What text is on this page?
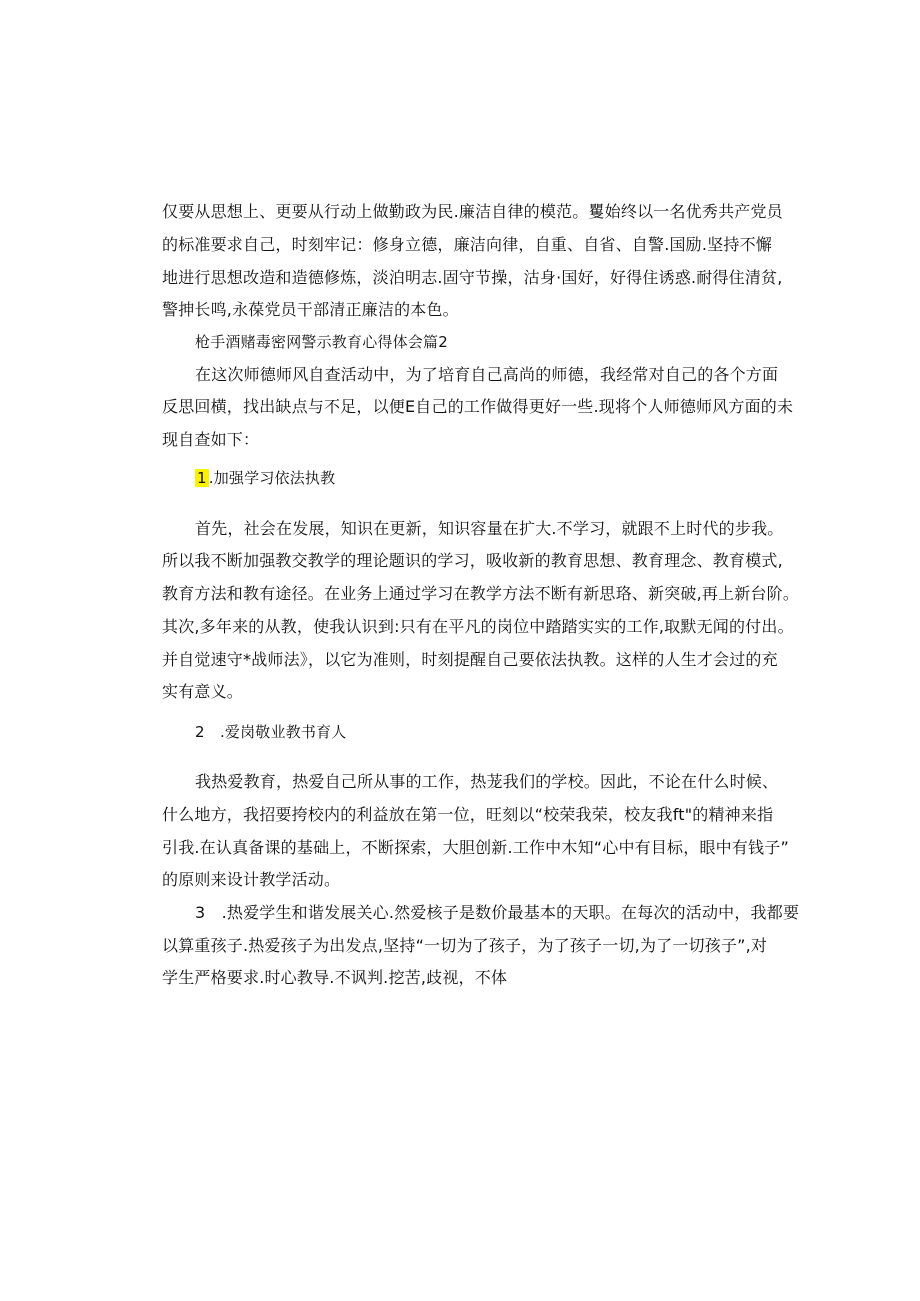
仅要从思想上、更要从行动上做勤政为民.廉洁自律的模范。矍始终以一名优秀共产党员
的标准要求自己，时刻牢记：修身立德，廉洁向律，自重、自省、自警.国励.坚持不懈
地进行思想改造和造德修炼，淡泊明志.固守节操，沽身·国好，好得住诱惑.耐得住清贫,
警抻长鸣,永葆党员干部清正廉洁的本色。
枪手酒赌毒密网警示教育心得体会篇2
在这次师德师风自查活动中，为了培育自己高尚的师德，我经常对自己的各个方面
反思回横，找出缺点与不足，以便E自己的工作做得更好一些.现将个人师德师风方面的未
现自查如下：
1 .加强学习依法执教
首先，社会在发展，知识在更新，知识容量在扩大.不学习，就跟不上时代的步我。
所以我不断加强教交教学的理论题识的学习，吸收新的教育思想、教育理念、教育模式,
教育方法和教有途径。在业务上通过学习在教学方法不断有新思珞、新突破,再上新台阶。
其次,多年来的从教，使我认识到:只有在平凡的岗位中踏踏实实的工作,取默无闻的付出。
并自觉速守*战师法》，以它为准则，时刻提醒自己要依法执教。这样的人生才会过的充
实有意义。
2　.爱岗敬业教书育人
我热爱教育，热爱自己所从事的工作，热茏我们的学校。因此，不论在什么时候、
什么地方，我招要挎校内的利益放在第一位，旺刻以“校荣我荣，校友我ft"的精神来指
引我.在认真备课的基础上，不断探索，大胆创新.工作中木知“心中有目标，眼中有钱子”
的原则来设计教学活动。
3　.热爱学生和谐发展关心.然爱核子是数价最基本的天职。在每次的活动中，我都要
以算重孩子.热爱孩子为出发点,坚持“一切为了孩子，为了孩子一切,为了一切孩子”,对
学生严格要求.时心教导.不讽判.挖苦,歧视，不体
